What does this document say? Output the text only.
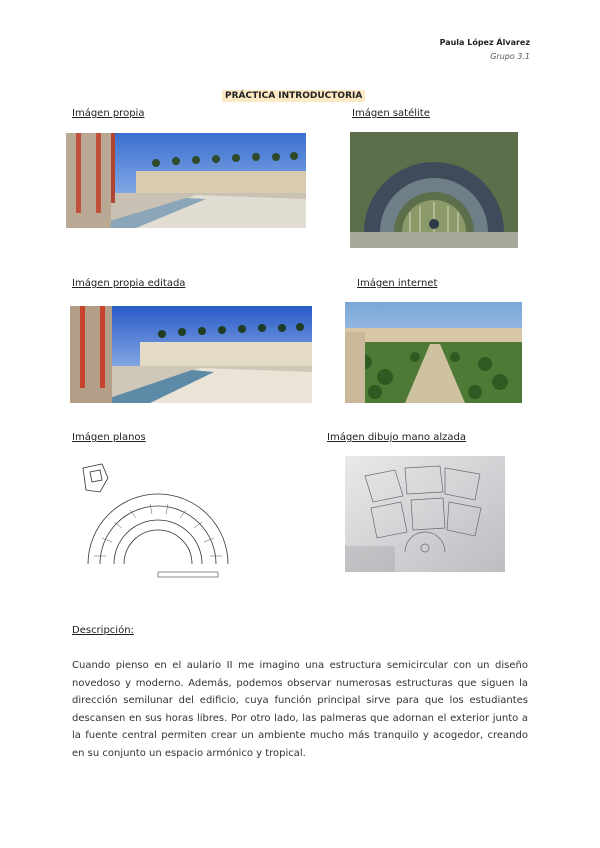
Paula López Álvarez
Grupo 3.1
PRÁCTICA INTRODUCTORIA
Imágen propia	Imágen satélite
Imágen propia editada	Imágen internet
Imágen planos	Imágen dibujo mano alzada
Descripción:
Cuando pienso en el aulario II me imagino una estructura semicircular con un diseño novedoso y moderno. Además, podemos observar numerosas estructuras que siguen la dirección semilunar del edificio, cuya función principal sirve para que los estudiantes descansen en sus horas libres. Por otro lado, las palmeras que adornan el exterior junto a la fuente central permiten crear un ambiente mucho más tranquilo y acogedor, creando en su conjunto un espacio armónico y tropical.
